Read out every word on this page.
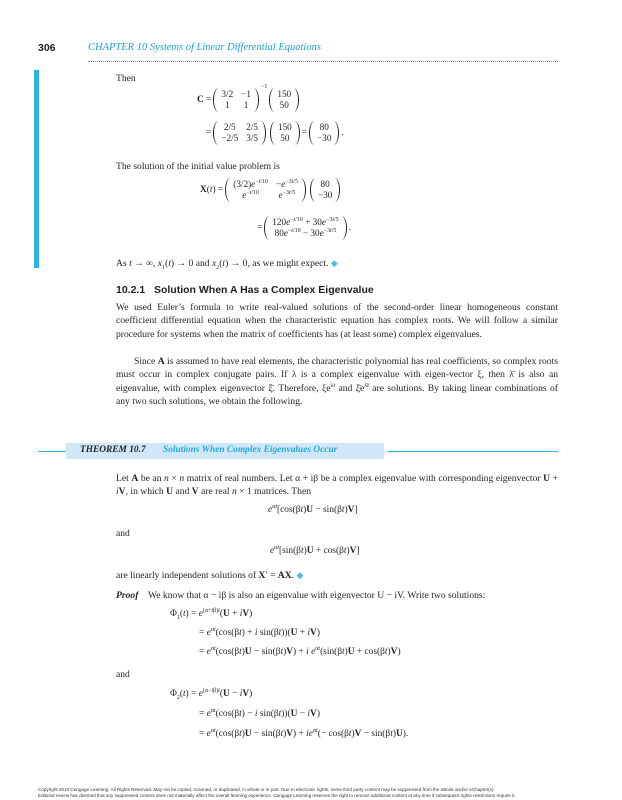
306	CHAPTER 10 Systems of Linear Differential Equations

Then

C =
3/2	−1
1	1
$^{-1}$
150
50
=
2/5	2/5
−2/5	3/5
150
50 =
80
−30 .

The solution of the initial value problem is

X(t) =
$(3/2)e^{-t/10}$	$-e^{-3t/5}$
$e^{-t/10}$	$e^{-3t/5}$
80
−30
=
$120e^{-t/10} + 30e^{-3t/5}$
$80e^{-t/10} - 30e^{-3t/5}$ .

As t → ∞, $x_1(t) \to 0$ and $x_2(t) \to 0$, as we might expect. ◆

10.2.1 Solution When A Has a Complex Eigenvalue

We used Euler’s formula to write real-valued solutions of the second-order linear homogeneous constant coefficient differential equation when the characteristic equation has complex roots. We will follow a similar procedure for systems when the matrix of coefficients has (at least some) complex eigenvalues.

Since A is assumed to have real elements, the characteristic polynomial has real coefficients, so complex roots must occur in complex conjugate pairs. If λ is a complex eigenvalue with eigen-vector ξ, then λ̄ is also an eigenvalue, with complex eigenvector ξ̄. Therefore, $\xi e^{\lambda t}$ and $\xīe^{\lambdāt}$ are solutions. By taking linear combinations of any two such solutions, we obtain the following.

THEOREM 10.7 Solutions When Complex Eigenvalues Occur

Let A be an n × n matrix of real numbers. Let α + iβ be a complex eigenvalue with corresponding eigenvector U + iV, in which U and V are real n × 1 matrices. Then

$e^{\alpha t}[\cos(\beta t)U - \sin(\beta t)V]$

and

$e^{\alpha t}[\sin(\beta t)U + \cos(\beta t)V]$

are linearly independent solutions of X′ = AX. ◆

Proof We know that α − iβ is also an eigenvalue with eigenvector U − iV. Write two solutions:

$\Phi_1(t) = e^{(\alpha+i\beta)t}(U + iV)$
= $e^{\alpha t}(\cos(\beta t) + i$ sin(βt))(U + iV)
= $e^{\alpha t}(\cos(\beta t)U - \sin(\beta t)V) + i$ $e^{\alpha t}(\sin(\beta t)U + \cos(\beta t)V)$

and

$\Phi_2(t) = e^{(\alpha-i\beta)t}(U - iV)$
= $e^{\alpha t}(\cos(\beta t) - i$ sin(βt))(U − iV)
= $e^{\alpha t}(\cos(\beta t)U - \sin(\beta t)V) + ie^{\alpha t}(- \cos(\beta t)V - \sin(\beta t)U)$.

Copyright 2010 Cengage Learning. All Rights Reserved. May not be copied, scanned, or duplicated, in whole or in part. Due to electronic rights, some third party content may be suppressed from the eBook and/or eChapter(s).

Editorial review has deemed that any suppressed content does not materially affect the overall learning experience. Cengage Learning reserves the right to remove additional content at any time if subsequent rights restrictions require it.
